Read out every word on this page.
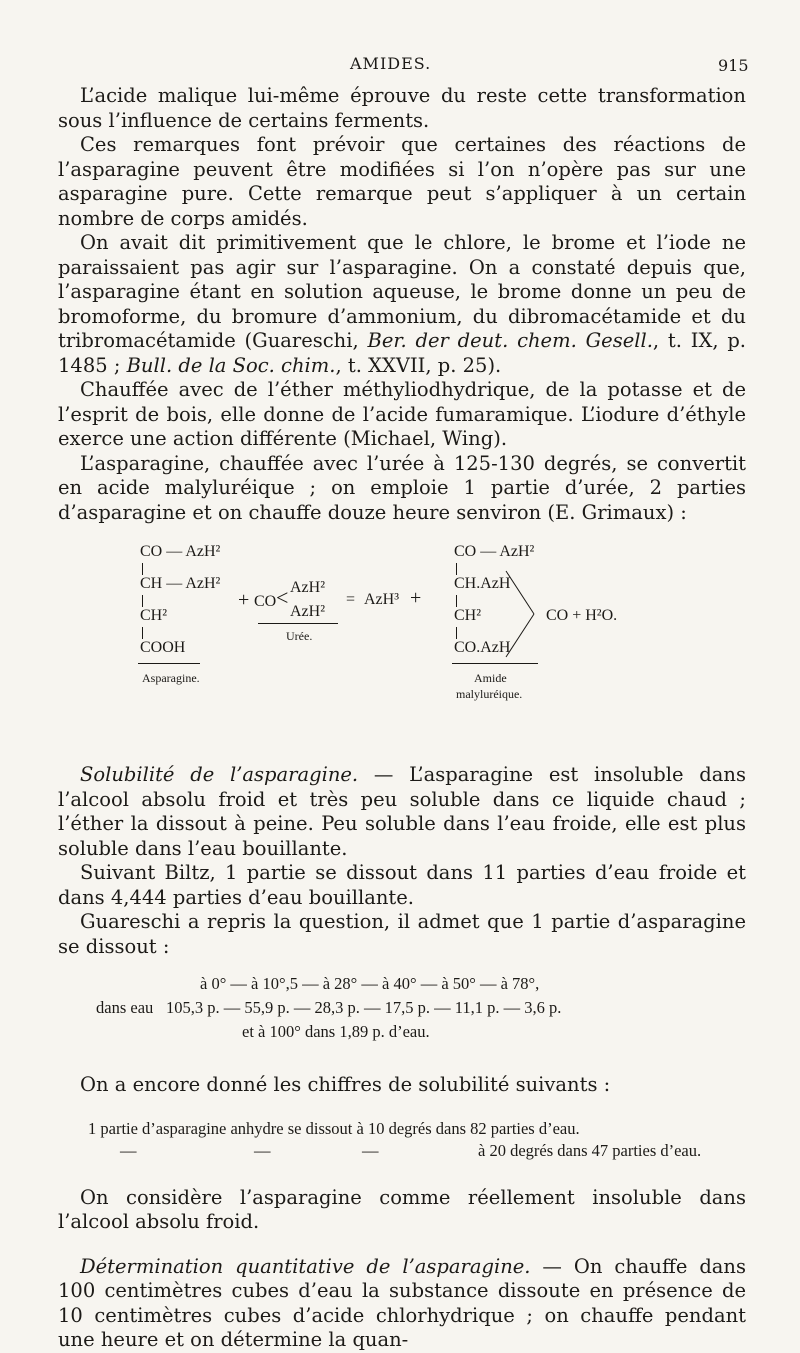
AMIDES.	915

L’acide malique lui-même éprouve du reste cette transformation sous l’influence de certains ferments.

Ces remarques font prévoir que certaines des réactions de l’asparagine peuvent être modifiées si l’on n’opère pas sur une asparagine pure. Cette remarque peut s’appliquer à un certain nombre de corps amidés.

On avait dit primitivement que le chlore, le brome et l’iode ne paraissaient pas agir sur l’asparagine. On a constaté depuis que, l’asparagine étant en solution aqueuse, le brome donne un peu de bromoforme, du bromure d’ammonium, du dibromacétamide et du tribromacétamide (Guareschi, Ber. der deut. chem. Gesell., t. IX, p. 1485 ; Bull. de la Soc. chim., t. XXVII, p. 25).

Chauffée avec de l’éther méthyliodhydrique, de la potasse et de l’esprit de bois, elle donne de l’acide fumaramique. L’iodure d’éthyle exerce une action différente (Michael, Wing).

L’asparagine, chauffée avec l’urée à 125-130 degrés, se convertit en acide malyluréique ; on emploie 1 partie d’urée, 2 parties d’asparagine et on chauffe douze heure senviron (E. Grimaux) :

CO — AzH²
CH — AzH²
CH²
COOH
Asparagine.
+ CO < AzH²
AzH²
Urée.
= AzH³ +
CO — AzH²
CH.AzH
CH²
CO.AzH
CO + H²O.
Amide
malyluréique.

Solubilité de l’asparagine. — L’asparagine est insoluble dans l’alcool absolu froid et très peu soluble dans ce liquide chaud ; l’éther la dissout à peine. Peu soluble dans l’eau froide, elle est plus soluble dans l’eau bouillante.

Suivant Biltz, 1 partie se dissout dans 11 parties d’eau froide et dans 4,444 parties d’eau bouillante.

Guareschi a repris la question, il admet que 1 partie d’asparagine se dissout :

à 0° — à 10°,5 — à 28° — à 40° — à 50° — à 78°,
dans eau 105,3 p. — 55,9 p. — 28,3 p. — 17,5 p. — 11,1 p. — 3,6 p.
et à 100° dans 1,89 p. d’eau.

On a encore donné les chiffres de solubilité suivants :

1 partie d’asparagine anhydre se dissout à 10 degrés dans 82 parties d’eau.
—	—	—	à 20 degrés dans 47 parties d’eau.

On considère l’asparagine comme réellement insoluble dans l’alcool absolu froid.

Détermination quantitative de l’asparagine. — On chauffe dans 100 centimètres cubes d’eau la substance dissoute en présence de 10 centimètres cubes d’acide chlorhydrique ; on chauffe pendant une heure et on détermine la quan-
